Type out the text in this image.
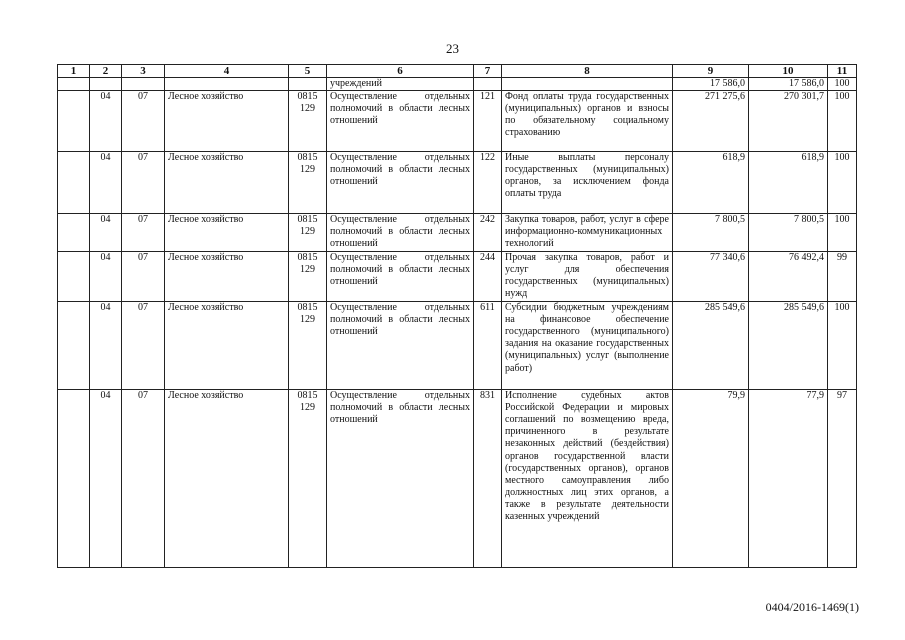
23
1	2	3	4	5	6	7	8	9	10	11
					учреждений			17 586,0	17 586,0	100
	04	07	Лесное хозяйство	0815 129	Осуществление отдельных полномочий в области лесных отношений	121	Фонд оплаты труда государственных (муниципальных) органов и взносы по обязательному социальному страхованию	271 275,6	270 301,7	100
	04	07	Лесное хозяйство	0815 129	Осуществление отдельных полномочий в области лесных отношений	122	Иные выплаты персоналу государственных (муниципальных) органов, за исключением фонда оплаты труда	618,9	618,9	100
	04	07	Лесное хозяйство	0815 129	Осуществление отдельных полномочий в области лесных отношений	242	Закупка товаров, работ, услуг в сфере информационно-коммуникационных технологий	7 800,5	7 800,5	100
	04	07	Лесное хозяйство	0815 129	Осуществление отдельных полномочий в области лесных отношений	244	Прочая закупка товаров, работ и услуг для обеспечения государственных (муниципальных) нужд	77 340,6	76 492,4	99
	04	07	Лесное хозяйство	0815 129	Осуществление отдельных полномочий в области лесных отношений	611	Субсидии бюджетным учреждениям на финансовое обеспечение государственного (муниципального) задания на оказание государственных (муниципальных) услуг (выполнение работ)	285 549,6	285 549,6	100
	04	07	Лесное хозяйство	0815 129	Осуществление отдельных полномочий в области лесных отношений	831	Исполнение судебных актов Российской Федерации и мировых соглашений по возмещению вреда, причиненного в результате незаконных действий (бездействия) органов государственной власти (государственных органов), органов местного самоуправления либо должностных лиц этих органов, а также в результате деятельности казенных учреждений	79,9	77,9	97
0404/2016-1469(1)
